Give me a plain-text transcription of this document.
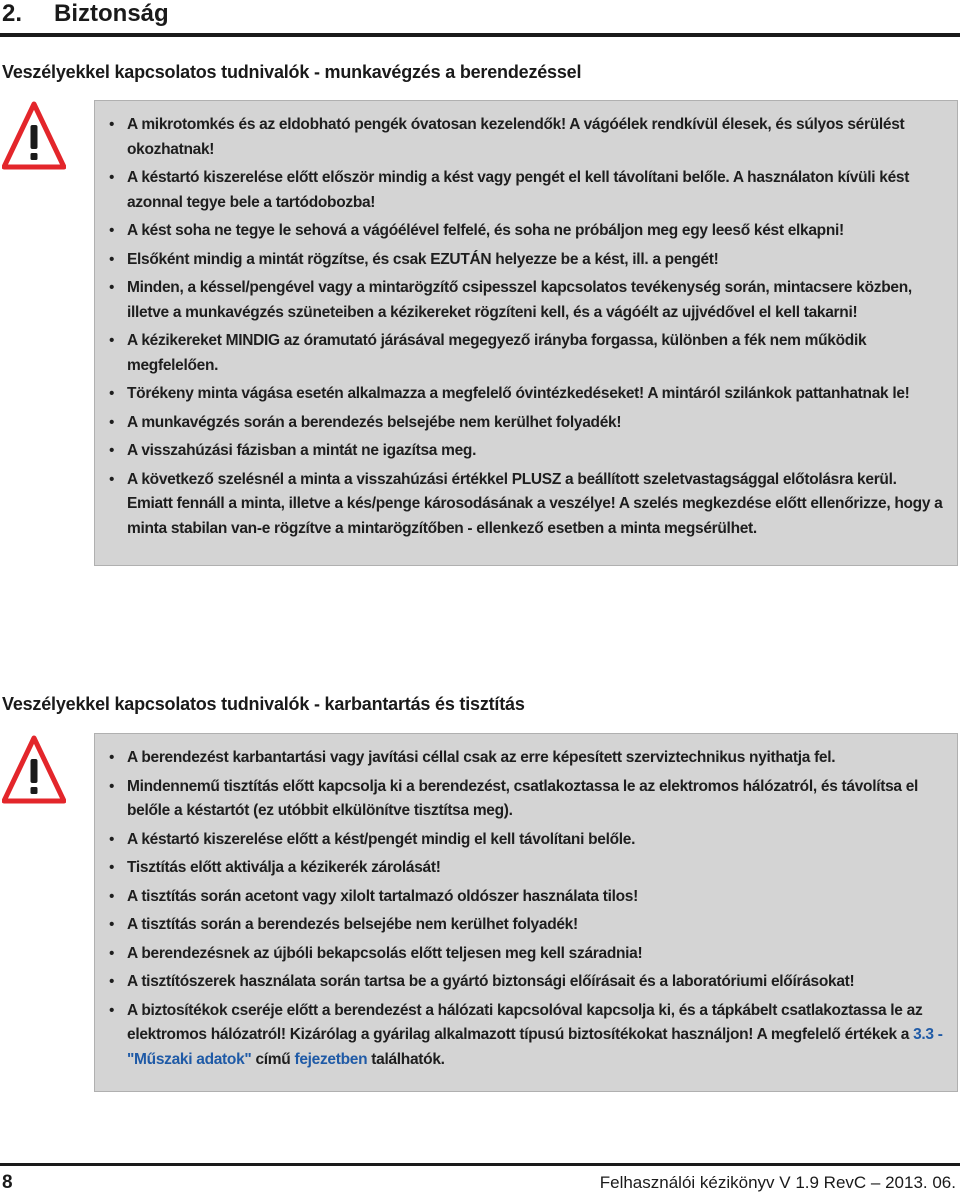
2. Biztonság
Veszélyekkel kapcsolatos tudnivalók - munkavégzés a berendezéssel
• A mikrotomkés és az eldobható pengék óvatosan kezelendők! A vágóélek rendkívül élesek, és súlyos sérülést okozhatnak!
• A késtartó kiszerelése előtt először mindig a kést vagy pengét el kell távolítani belőle. A használaton kívüli kést azonnal tegye bele a tartódobozba!
• A kést soha ne tegye le sehová a vágóélével felfelé, és soha ne próbáljon meg egy leeső kést elkapni!
• Elsőként mindig a mintát rögzítse, és csak EZUTÁN helyezze be a kést, ill. a pengét!
• Minden, a késsel/pengével vagy a mintarögzítő csipesszel kapcsolatos tevékenység során, mintacsere közben, illetve a munkavégzés szüneteiben a kézikereket rögzíteni kell, és a vágóélt az ujjvédővel el kell takarni!
• A kézikereket MINDIG az óramutató járásával megegyező irányba forgassa, különben a fék nem működik megfelelően.
• Törékeny minta vágása esetén alkalmazza a megfelelő óvintézkedéseket! A mintáról szilánkok pattanhatnak le!
• A munkavégzés során a berendezés belsejébe nem kerülhet folyadék!
• A visszahúzási fázisban a mintát ne igazítsa meg.
• A következő szelésnél a minta a visszahúzási értékkel PLUSZ a beállított szeletvastagsággal előtolásra kerül. Emiatt fennáll a minta, illetve a kés/penge károsodásának a veszélye! A szelés megkezdése előtt ellenőrizze, hogy a minta stabilan van-e rögzítve a mintarögzítőben - ellenkező esetben a minta megsérülhet.
Veszélyekkel kapcsolatos tudnivalók - karbantartás és tisztítás
• A berendezést karbantartási vagy javítási céllal csak az erre képesített szerviztechnikus nyithatja fel.
• Mindennemű tisztítás előtt kapcsolja ki a berendezést, csatlakoztassa le az elektromos hálózatról, és távolítsa el belőle a késtartót (ez utóbbit elkülönítve tisztítsa meg).
• A késtartó kiszerelése előtt a kést/pengét mindig el kell távolítani belőle.
• Tisztítás előtt aktiválja a kézikerék zárolását!
• A tisztítás során acetont vagy xilolt tartalmazó oldószer használata tilos!
• A tisztítás során a berendezés belsejébe nem kerülhet folyadék!
• A berendezésnek az újbóli bekapcsolás előtt teljesen meg kell száradnia!
• A tisztítószerek használata során tartsa be a gyártó biztonsági előírásait és a laboratóriumi előírásokat!
• A biztosítékok cseréje előtt a berendezést a hálózati kapcsolóval kapcsolja ki, és a tápkábelt csatlakoztassa le az elektromos hálózatról! Kizárólag a gyárilag alkalmazott típusú biztosítékokat használjon! A megfelelő értékek a 3.3 - "Műszaki adatok" című fejezetben találhatók.
8	Felhasználói kézikönyv V 1.9 RevC – 2013. 06.
